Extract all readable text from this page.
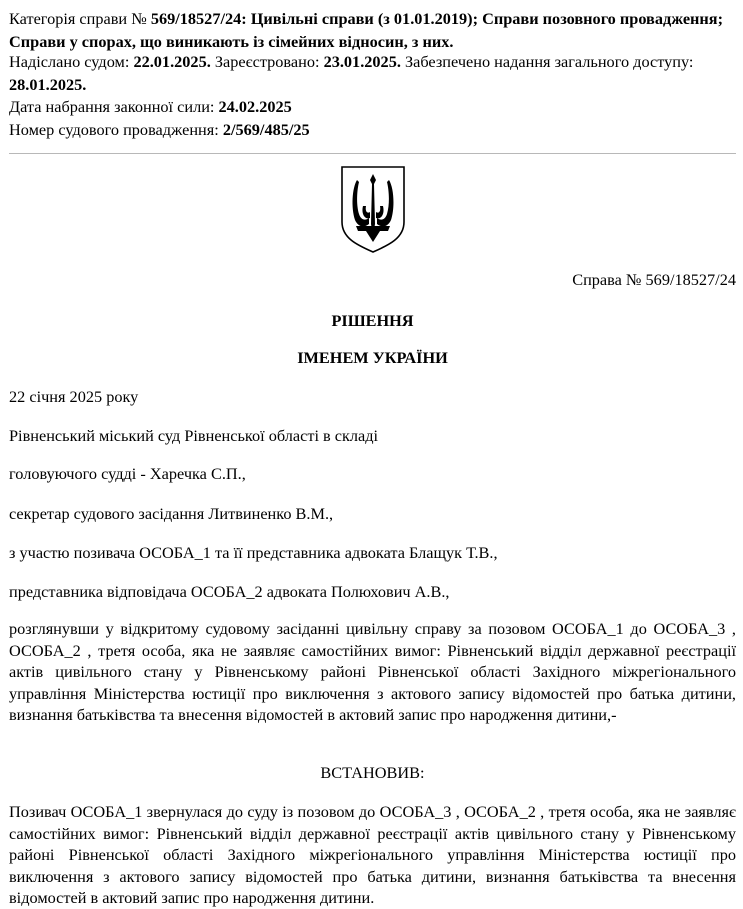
Категорія справи № 569/18527/24: Цивільні справи (з 01.01.2019); Справи позовного провадження; Справи у спорах, що виникають із сімейних відносин, з них.
Надіслано судом: 22.01.2025. Зареєстровано: 23.01.2025. Забезпечено надання загального доступу: 28.01.2025.
Дата набрання законної сили: 24.02.2025
Номер судового провадження: 2/569/485/25
Справа № 569/18527/24
РІШЕННЯ
ІМЕНЕМ УКРАЇНИ
22 січня 2025 року
Рівненський міський суд Рівненської області в складі
головуючого судді - Харечка С.П.,
секретар судового засідання Литвиненко В.М.,
з участю позивача ОСОБА_1 та її представника адвоката Блащук Т.В.,
представника відповідача ОСОБА_2 адвоката Полюхович А.В.,
розглянувши у відкритому судовому засіданні цивільну справу за позовом ОСОБА_1 до ОСОБА_3 , ОСОБА_2 , третя особа, яка не заявляє самостійних вимог: Рівненський відділ державної реєстрації актів цивільного стану у Рівненському районі Рівненської області Західного міжрегіонального управління Міністерства юстиції про виключення з актового запису відомостей про батька дитини, визнання батьківства та внесення відомостей в актовий запис про народження дитини,-
ВСТАНОВИВ:
Позивач ОСОБА_1 звернулася до суду із позовом до ОСОБА_3 , ОСОБА_2 , третя особа, яка не заявляє самостійних вимог: Рівненський відділ державної реєстрації актів цивільного стану у Рівненському районі Рівненської області Західного міжрегіонального управління Міністерства юстиції про виключення з актового запису відомостей про батька дитини, визнання батьківства та внесення відомостей в актовий запис про народження дитини.
